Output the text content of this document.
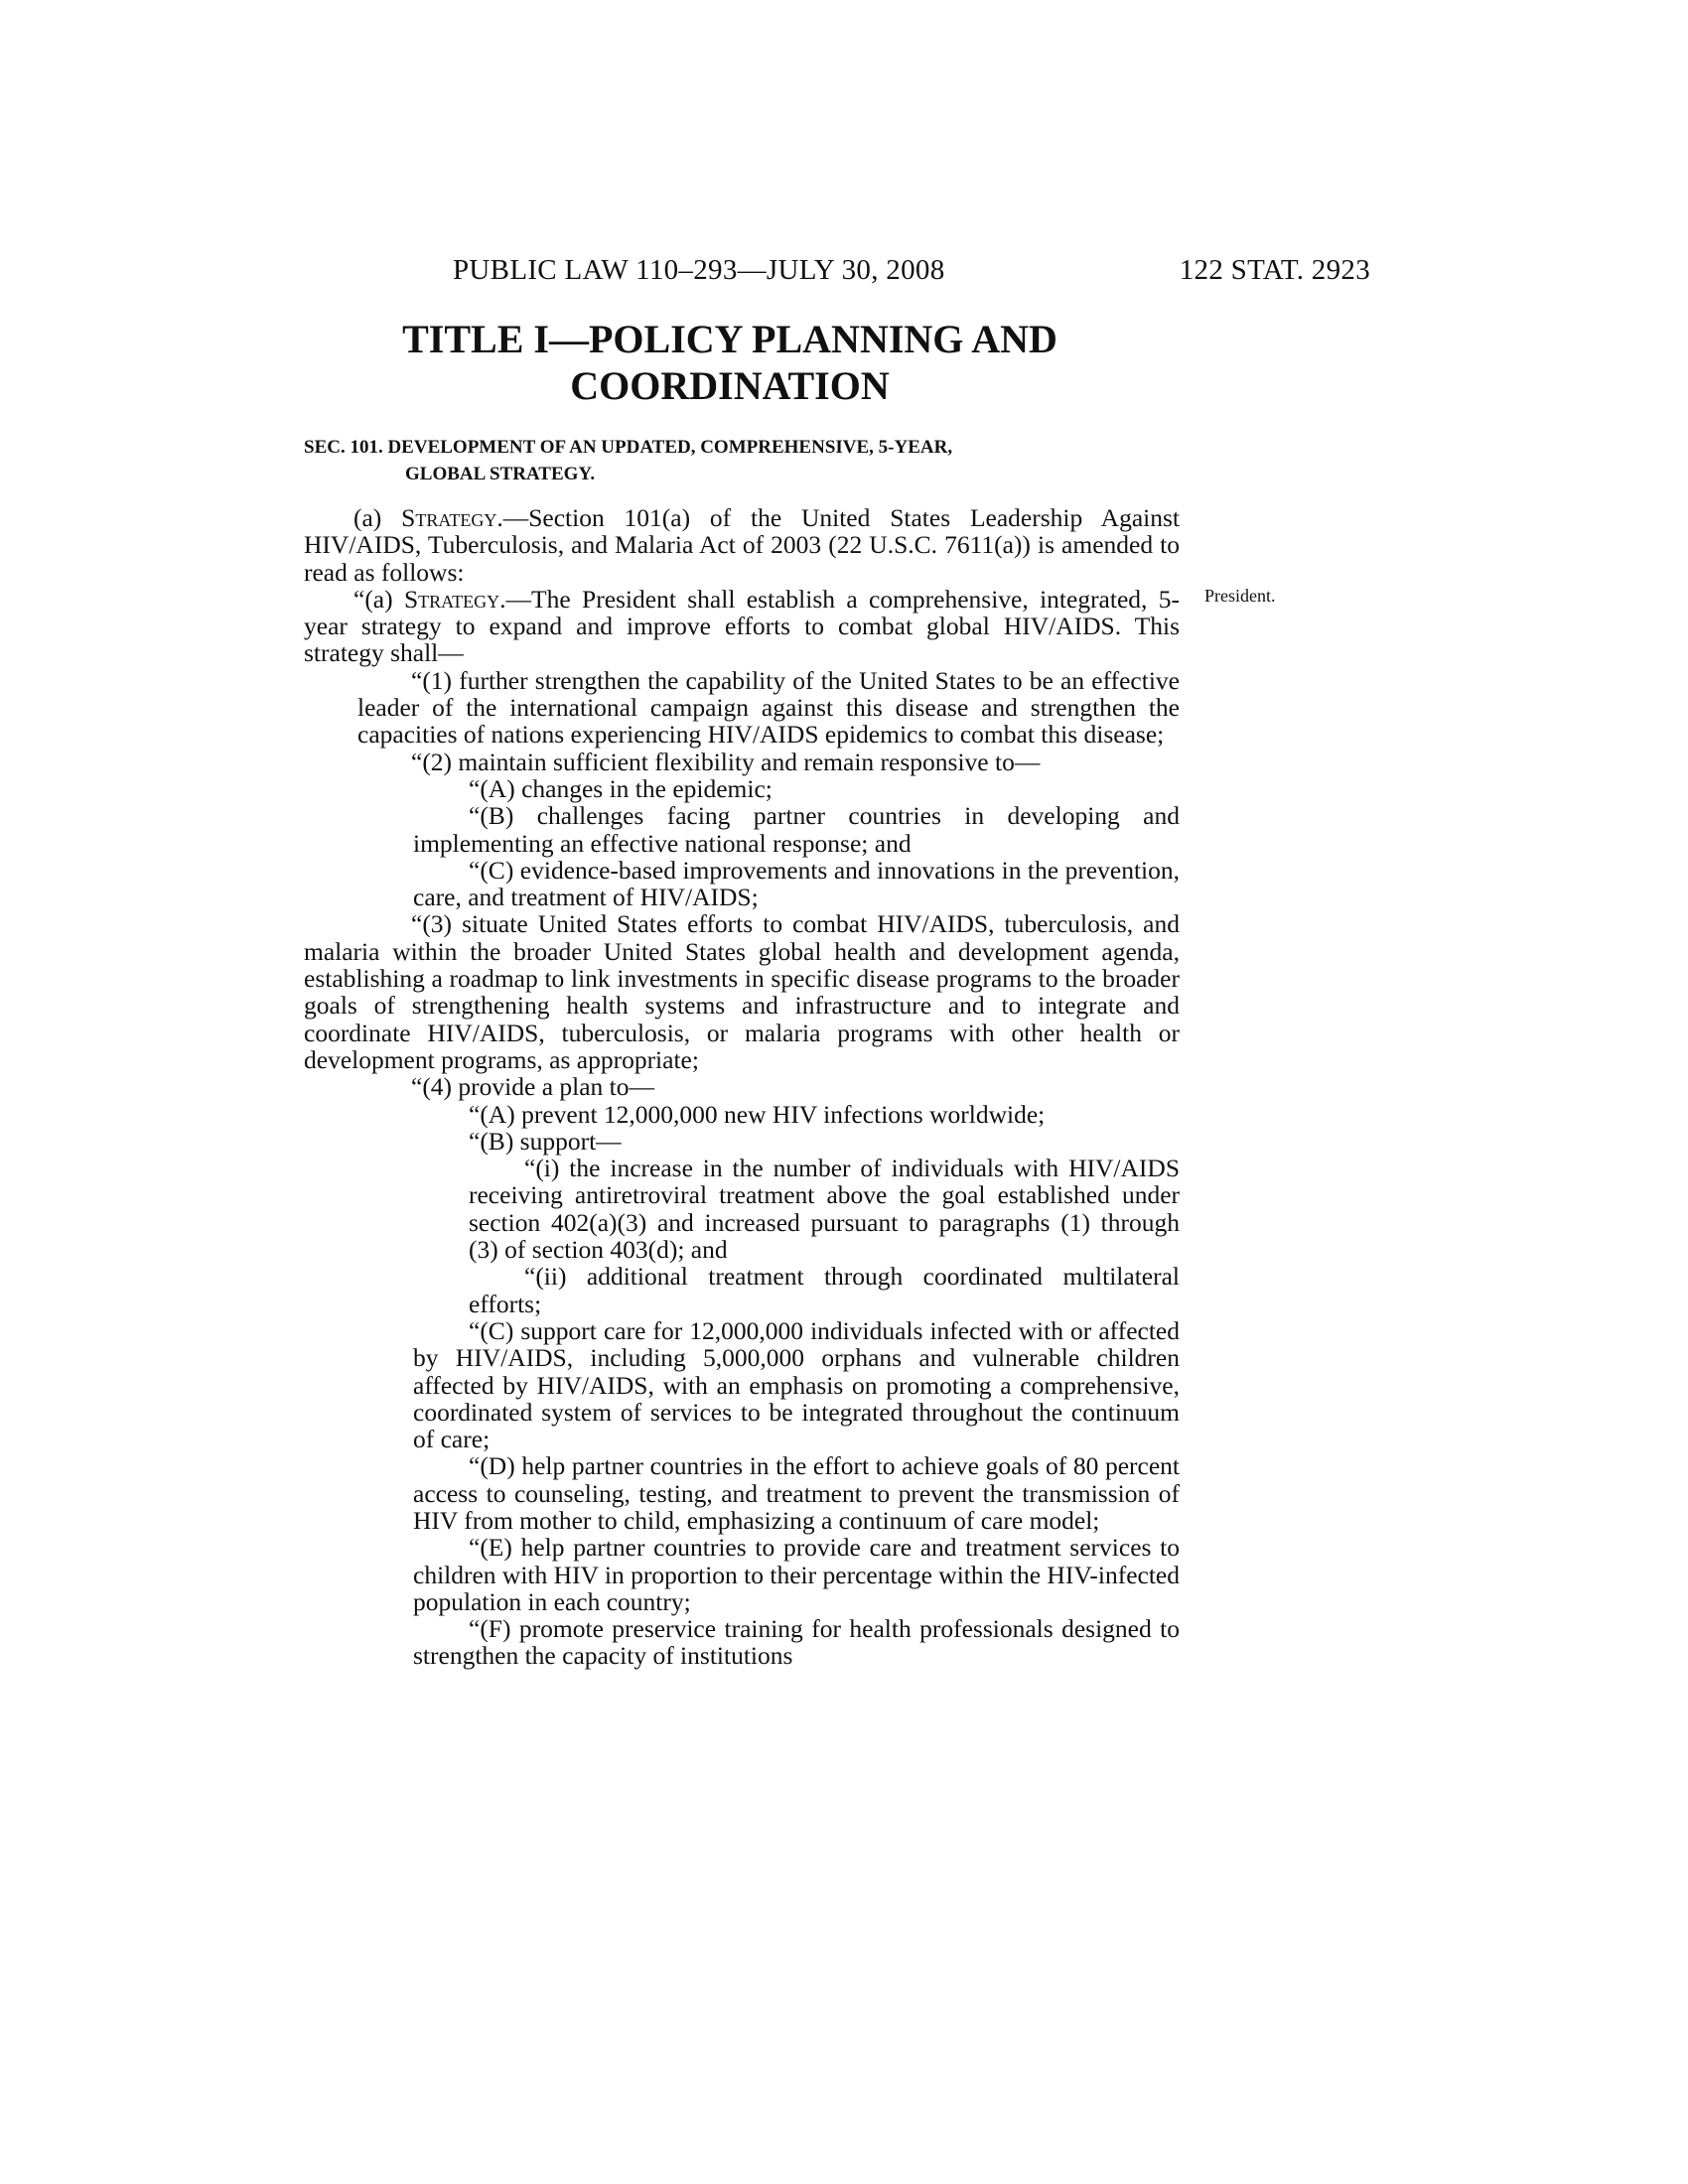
PUBLIC LAW 110–293—JULY 30, 2008	122 STAT. 2923
TITLE I—POLICY PLANNING AND
COORDINATION
SEC. 101. DEVELOPMENT OF AN UPDATED, COMPREHENSIVE, 5-YEAR,
GLOBAL STRATEGY.
President.

(a) Strategy.—Section 101(a) of the United States Leadership Against HIV/AIDS, Tuberculosis, and Malaria Act of 2003 (22 U.S.C. 7611(a)) is amended to read as follows:

“(a) Strategy.—The President shall establish a comprehensive, integrated, 5-year strategy to expand and improve efforts to combat global HIV/AIDS. This strategy shall—

“(1) further strengthen the capability of the United States to be an effective leader of the international campaign against this disease and strengthen the capacities of nations experiencing HIV/AIDS epidemics to combat this disease;

“(2) maintain sufficient flexibility and remain responsive to—

“(A) changes in the epidemic;

“(B) challenges facing partner countries in developing and implementing an effective national response; and

“(C) evidence-based improvements and innovations in the prevention, care, and treatment of HIV/AIDS;

“(3) situate United States efforts to combat HIV/AIDS, tuberculosis, and malaria within the broader United States global health and development agenda, establishing a roadmap to link investments in specific disease programs to the broader goals of strengthening health systems and infrastructure and to integrate and coordinate HIV/AIDS, tuberculosis, or malaria programs with other health or development programs, as appropriate;

“(4) provide a plan to—

“(A) prevent 12,000,000 new HIV infections worldwide;

“(B) support—

“(i) the increase in the number of individuals with HIV/AIDS receiving antiretroviral treatment above the goal established under section 402(a)(3) and increased pursuant to paragraphs (1) through (3) of section 403(d); and

“(ii) additional treatment through coordinated multilateral efforts;

“(C) support care for 12,000,000 individuals infected with or affected by HIV/AIDS, including 5,000,000 orphans and vulnerable children affected by HIV/AIDS, with an emphasis on promoting a comprehensive, coordinated system of services to be integrated throughout the continuum of care;

“(D) help partner countries in the effort to achieve goals of 80 percent access to counseling, testing, and treatment to prevent the transmission of HIV from mother to child, emphasizing a continuum of care model;

“(E) help partner countries to provide care and treatment services to children with HIV in proportion to their percentage within the HIV-infected population in each country;

“(F) promote preservice training for health professionals designed to strengthen the capacity of institutions
